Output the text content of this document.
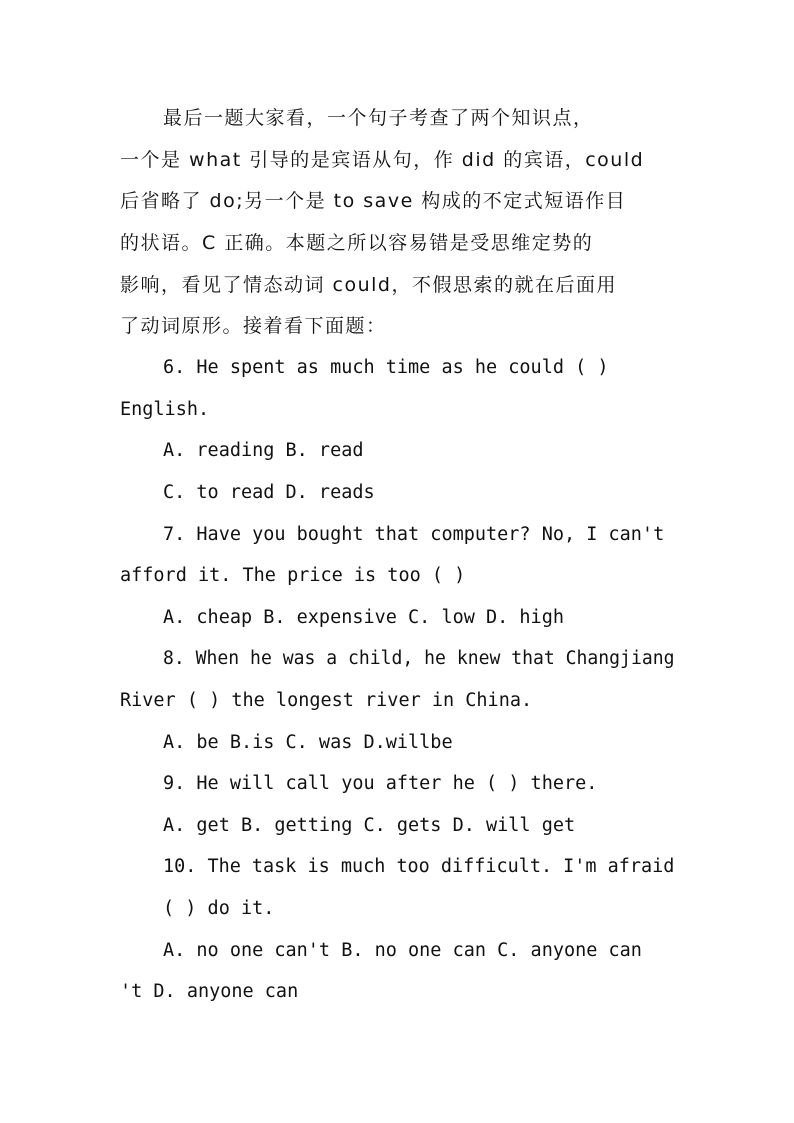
最后一题大家看，一个句子考查了两个知识点，
一个是 what 引导的是宾语从句，作 did 的宾语，could
后省略了 do;另一个是 to save 构成的不定式短语作目
的状语。C 正确。本题之所以容易错是受思维定势的
影响，看见了情态动词 could，不假思索的就在后面用
了动词原形。接着看下面题：
6. He spent as much time as he could ( )
English.
A. reading B. read
C. to read D. reads
7. Have you bought that computer? No, I can't
afford it. The price is too ( )
A. cheap B. expensive C. low D. high
8. When he was a child, he knew that Changjiang
River ( ) the longest river in China.
A. be B.is C. was D.willbe
9. He will call you after he ( ) there.
A. get B. getting C. gets D. will get
10. The task is much too difficult. I'm afraid
( ) do it.
A. no one can't B. no one can C. anyone can
't D. anyone can
